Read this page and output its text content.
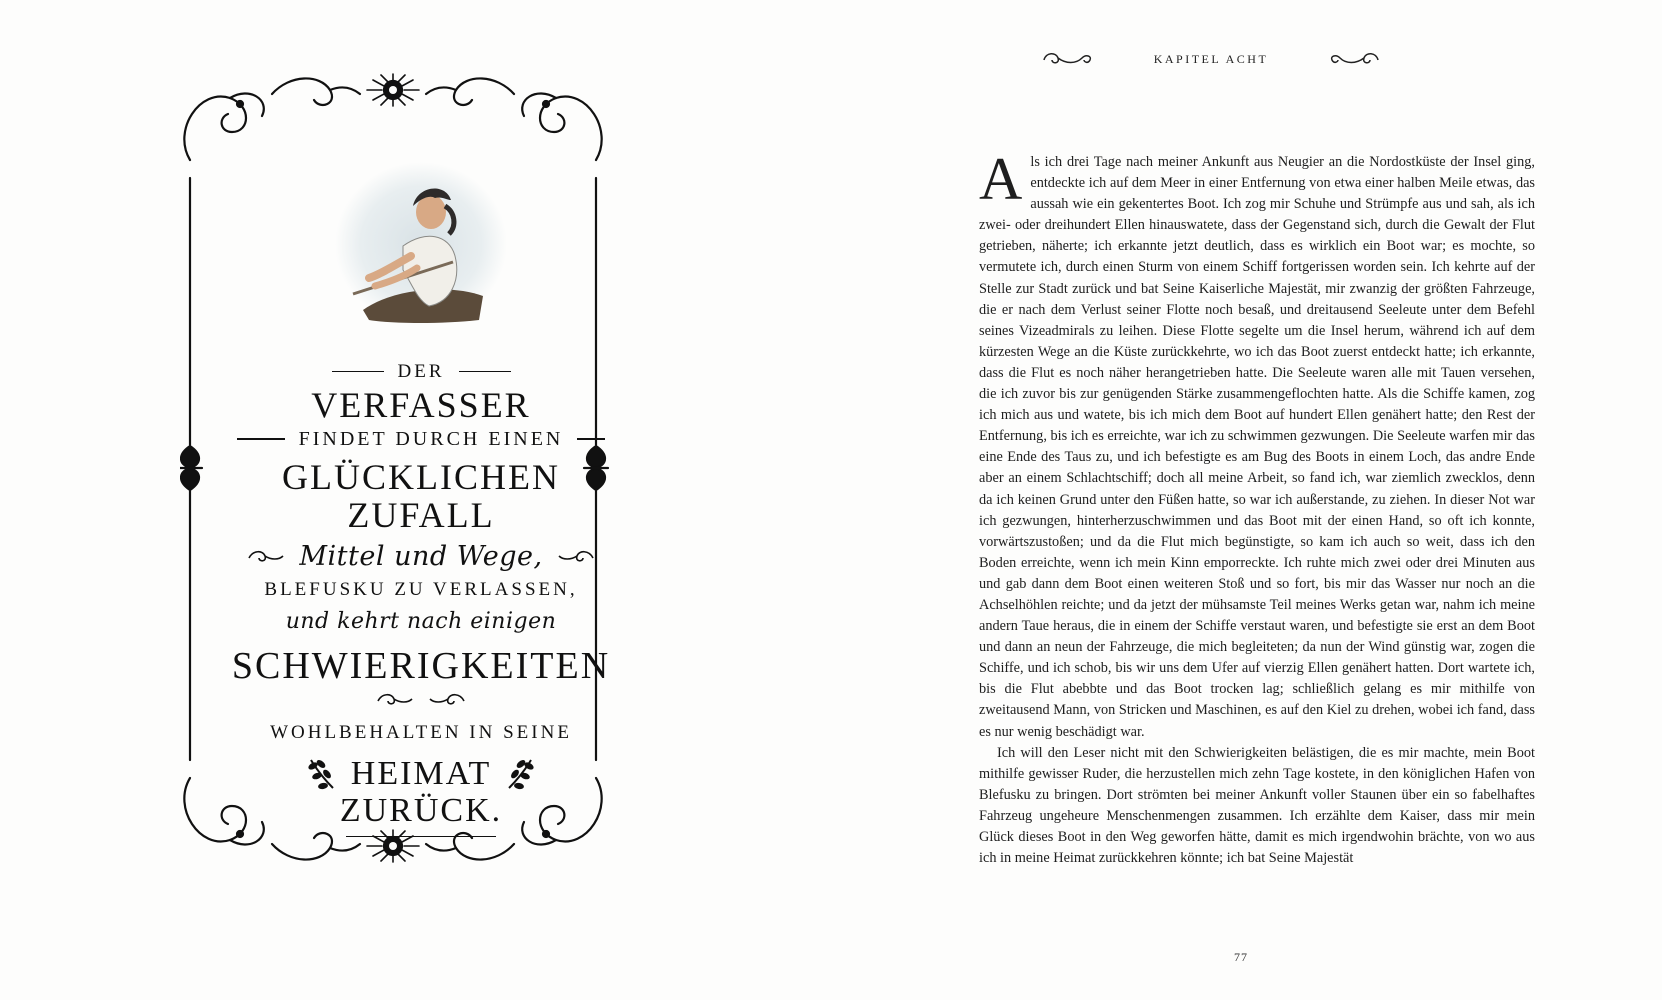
DER
VERFASSER
FINDET DURCH EINEN
GLÜCKLICHEN
ZUFALL
Mittel und Wege,
BLEFUSKU ZU VERLASSEN,
und kehrt nach einigen
SCHWIERIGKEITEN
WOHLBEHALTEN IN SEINE
HEIMAT
ZURÜCK.
KAPITEL ACHT

Als ich drei Tage nach meiner Ankunft aus Neugier an die Nordostküste der Insel ging, entdeckte ich auf dem Meer in einer Entfernung von etwa einer halben Meile etwas, das aussah wie ein gekentertes Boot. Ich zog mir Schuhe und Strümpfe aus und sah, als ich zwei- oder dreihundert Ellen hinauswatete, dass der Gegenstand sich, durch die Gewalt der Flut getrieben, näherte; ich erkannte jetzt deutlich, dass es wirklich ein Boot war; es mochte, so vermutete ich, durch einen Sturm von einem Schiff fortgerissen worden sein. Ich kehrte auf der Stelle zur Stadt zurück und bat Seine Kaiserliche Majestät, mir zwanzig der größten Fahrzeuge, die er nach dem Verlust seiner Flotte noch besaß, und dreitausend Seeleute unter dem Befehl seines Vizeadmirals zu leihen. Diese Flotte segelte um die Insel herum, während ich auf dem kürzesten Wege an die Küste zurückkehrte, wo ich das Boot zuerst entdeckt hatte; ich erkannte, dass die Flut es noch näher herangetrieben hatte. Die Seeleute waren alle mit Tauen versehen, die ich zuvor bis zur genügenden Stärke zusammengeflochten hatte. Als die Schiffe kamen, zog ich mich aus und watete, bis ich mich dem Boot auf hundert Ellen genähert hatte; den Rest der Entfernung, bis ich es erreichte, war ich zu schwimmen gezwungen. Die Seeleute warfen mir das eine Ende des Taus zu, und ich befestigte es am Bug des Boots in einem Loch, das andre Ende aber an einem Schlachtschiff; doch all meine Arbeit, so fand ich, war ziemlich zwecklos, denn da ich keinen Grund unter den Füßen hatte, so war ich außerstande, zu ziehen. In dieser Not war ich gezwungen, hinterherzuschwimmen und das Boot mit der einen Hand, so oft ich konnte, vorwärtszustoßen; und da die Flut mich begünstigte, so kam ich auch so weit, dass ich den Boden erreichte, wenn ich mein Kinn emporreckte. Ich ruhte mich zwei oder drei Minuten aus und gab dann dem Boot einen weiteren Stoß und so fort, bis mir das Wasser nur noch an die Achselhöhlen reichte; und da jetzt der mühsamste Teil meines Werks getan war, nahm ich meine andern Taue heraus, die in einem der Schiffe verstaut waren, und befestigte sie erst an dem Boot und dann an neun der Fahrzeuge, die mich begleiteten; da nun der Wind günstig war, zogen die Schiffe, und ich schob, bis wir uns dem Ufer auf vierzig Ellen genähert hatten. Dort wartete ich, bis die Flut abebbte und das Boot trocken lag; schließlich gelang es mir mithilfe von zweitausend Mann, von Stricken und Maschinen, es auf den Kiel zu drehen, wobei ich fand, dass es nur wenig beschädigt war.

Ich will den Leser nicht mit den Schwierigkeiten belästigen, die es mir machte, mein Boot mithilfe gewisser Ruder, die herzustellen mich zehn Tage kostete, in den königlichen Hafen von Blefusku zu bringen. Dort strömten bei meiner Ankunft voller Staunen über ein so fabelhaftes Fahrzeug ungeheure Menschenmengen zusammen. Ich erzählte dem Kaiser, dass mir mein Glück dieses Boot in den Weg geworfen hätte, damit es mich irgendwohin brächte, von wo aus ich in meine Heimat zurückkehren könnte; ich bat Seine Majestät

77
